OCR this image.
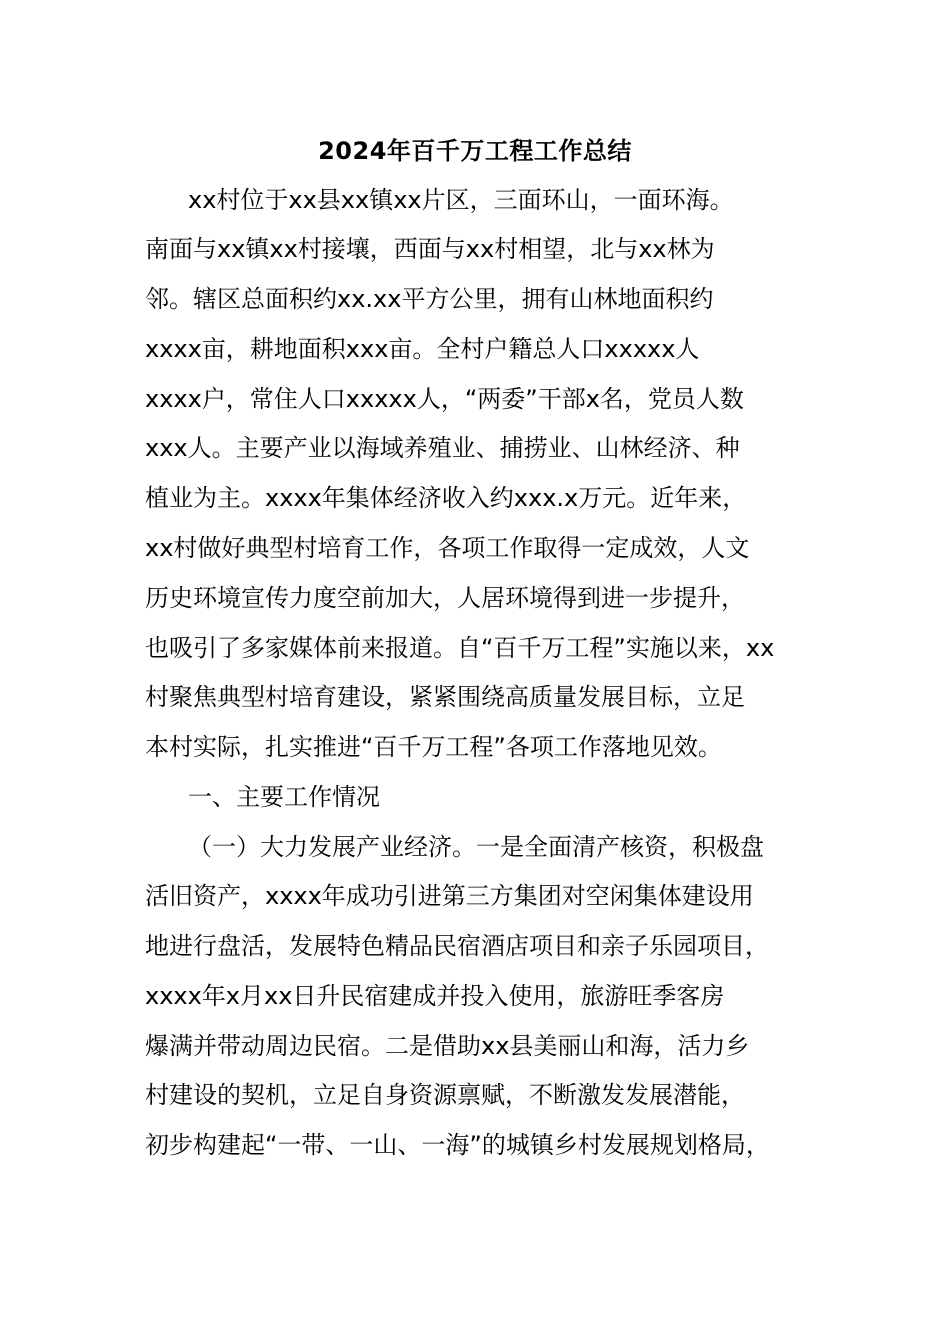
2024年百千万工程工作总结
xx村位于xx县xx镇xx片区，三面环山，一面环海。
南面与xx镇xx村接壤，西面与xx村相望，北与xx林为
邻。辖区总面积约xx.xx平方公里，拥有山林地面积约
xxxx亩，耕地面积xxx亩。全村户籍总人口xxxxx人
xxxx户，常住人口xxxxx人，“两委”干部x名，党员人数
xxx人。主要产业以海域养殖业、捕捞业、山林经济、种
植业为主。xxxx年集体经济收入约xxx.x万元。近年来，
xx村做好典型村培育工作，各项工作取得一定成效，人文
历史环境宣传力度空前加大，人居环境得到进一步提升，
也吸引了多家媒体前来报道。自“百千万工程”实施以来，xx
村聚焦典型村培育建设，紧紧围绕高质量发展目标，立足
本村实际，扎实推进“百千万工程”各项工作落地见效。
一、主要工作情况
（一）大力发展产业经济。一是全面清产核资，积极盘
活旧资产，xxxx年成功引进第三方集团对空闲集体建设用
地进行盘活，发展特色精品民宿酒店项目和亲子乐园项目，
xxxx年x月xx日升民宿建成并投入使用，旅游旺季客房
爆满并带动周边民宿。二是借助xx县美丽山和海，活力乡
村建设的契机，立足自身资源禀赋，不断激发发展潜能，
初步构建起“一带、一山、一海”的城镇乡村发展规划格局，
